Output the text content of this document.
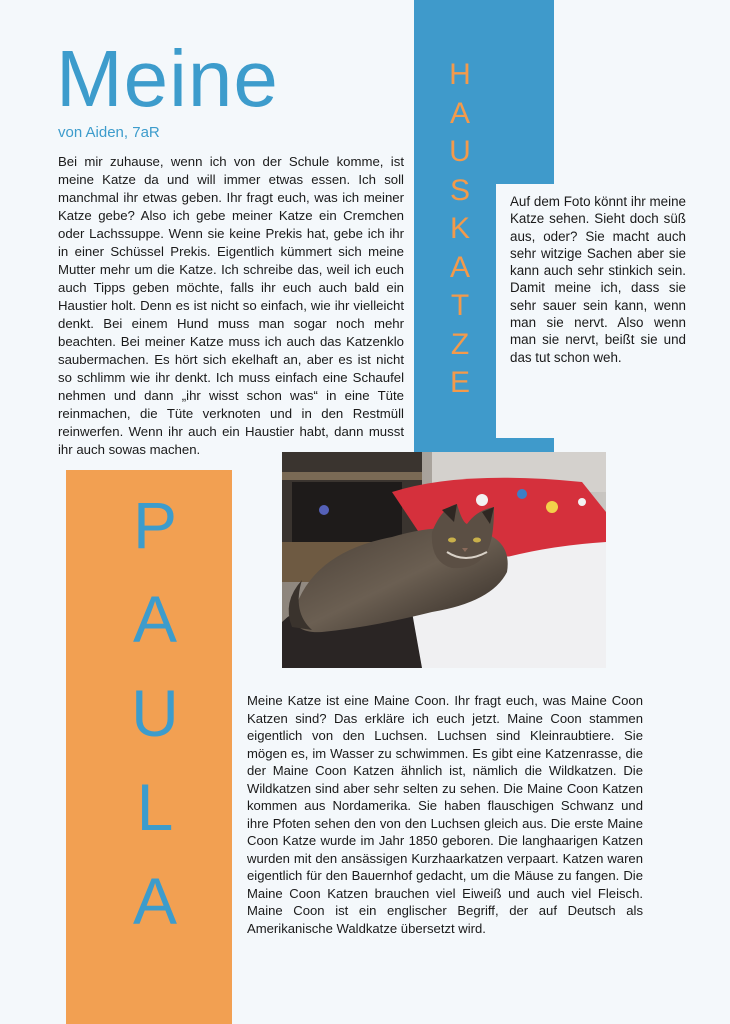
Meine
von Aiden, 7aR
H
A
U
S
K
A
T
Z
E
P
A
U
L
A

Bei mir zuhause, wenn ich von der Schule komme, ist meine Katze da und will immer etwas essen. Ich soll manchmal ihr etwas geben. Ihr fragt euch, was ich meiner Katze gebe? Also ich gebe meiner Katze ein Cremchen oder Lachssuppe. Wenn sie keine Prekis hat, gebe ich ihr in einer Schüssel Prekis. Eigentlich kümmert sich meine Mutter mehr um die Katze. Ich schreibe das, weil ich euch auch Tipps geben möchte, falls ihr euch auch bald ein Haustier holt. Denn es ist nicht so einfach, wie ihr vielleicht denkt. Bei einem Hund muss man sogar noch mehr beachten. Bei meiner Katze muss ich auch das Katzenklo saubermachen. Es hört sich ekelhaft an, aber es ist nicht so schlimm wie ihr denkt. Ich muss einfach eine Schaufel nehmen und dann „ihr wisst schon was“ in eine Tüte reinmachen, die Tüte verknoten und in den Restmüll reinwerfen. Wenn ihr auch ein Haustier habt, dann musst ihr auch sowas machen.

Auf dem Foto könnt ihr meine Katze sehen. Sieht doch süß aus, oder? Sie macht auch sehr witzige Sachen aber sie kann auch sehr stinkich sein. Damit meine ich, dass sie sehr sauer sein kann, wenn man sie nervt. Also wenn man sie nervt, beißt sie und das tut schon weh.

Meine Katze ist eine Maine Coon. Ihr fragt euch, was Maine Coon Katzen sind? Das erkläre ich euch jetzt. Maine Coon stammen eigentlich von den Luchsen. Luchsen sind Kleinraubtiere. Sie mögen es, im Wasser zu schwimmen. Es gibt eine Katzenrasse, die der Maine Coon Katzen ähnlich ist, nämlich die Wildkatzen. Die Wildkatzen sind aber sehr selten zu sehen. Die Maine Coon Katzen kommen aus Nordamerika. Sie haben flauschigen Schwanz und ihre Pfoten sehen den von den Luchsen gleich aus. Die erste Maine Coon Katze wurde im Jahr 1850 geboren. Die langhaarigen Katzen wurden mit den ansässigen Kurzhaarkatzen verpaart. Katzen waren eigentlich für den Bauernhof gedacht, um die Mäuse zu fangen. Die Maine Coon Katzen brauchen viel Eiweiß und auch viel Fleisch. Maine Coon ist ein englischer Begriff, der auf Deutsch als Amerikanische Waldkatze übersetzt wird.
